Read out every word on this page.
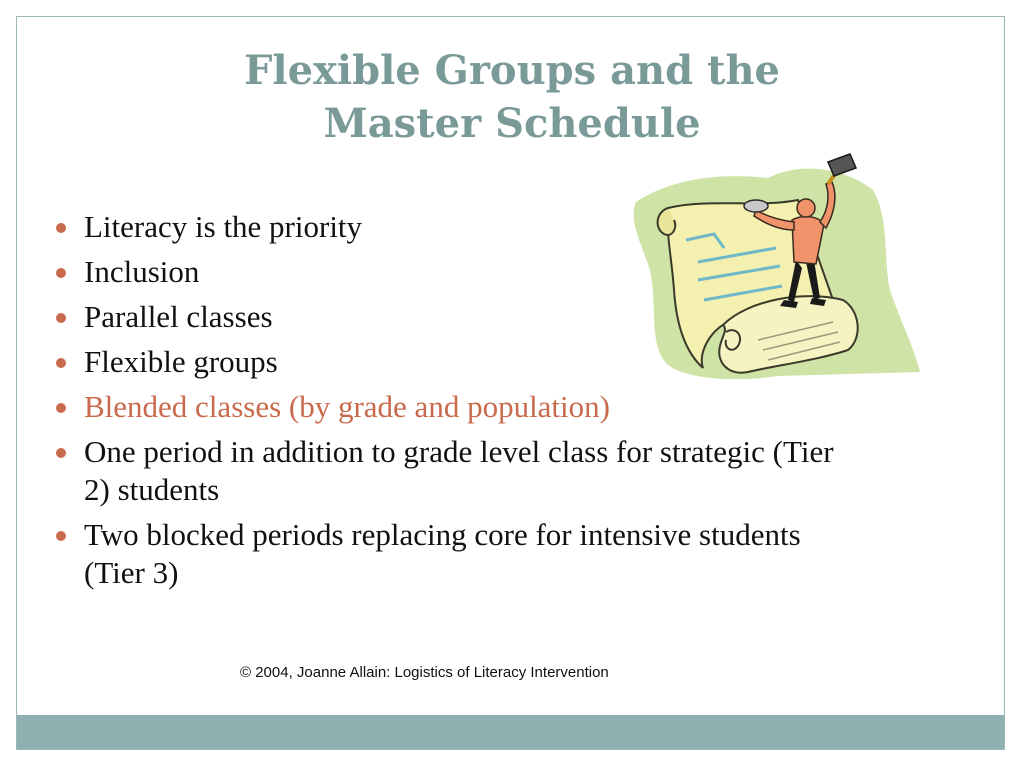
Flexible Groups and the
Master Schedule
Literacy is the priority
Inclusion
Parallel classes
Flexible groups
Blended classes (by grade and population)
One period in addition to grade level class for strategic (Tier 2) students
Two blocked periods replacing core for intensive students (Tier 3)
© 2004, Joanne Allain: Logistics of Literacy Intervention
